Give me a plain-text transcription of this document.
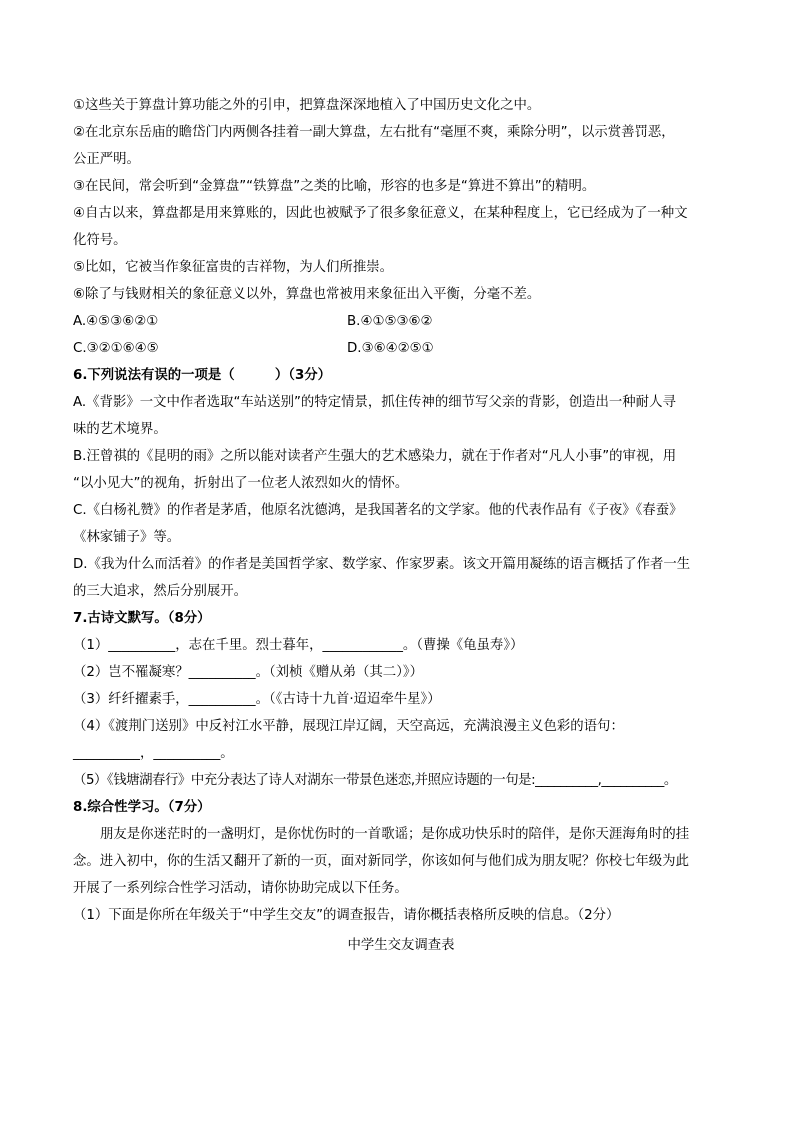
①这些关于算盘计算功能之外的引申，把算盘深深地植入了中国历史文化之中。
②在北京东岳庙的瞻岱门内两侧各挂着一副大算盘，左右批有“毫厘不爽，乘除分明”，以示赏善罚恶，
公正严明。
③在民间，常会听到“金算盘”“铁算盘”之类的比喻，形容的也多是“算进不算出”的精明。
④自古以来，算盘都是用来算账的，因此也被赋予了很多象征意义，在某种程度上，它已经成为了一种文
化符号。
⑤比如，它被当作象征富贵的吉祥物，为人们所推崇。
⑥除了与钱财相关的象征意义以外，算盘也常被用来象征出入平衡，分毫不差。
A.④⑤③⑥②①	B.④①⑤③⑥②
C.③②①⑥④⑤	D.③⑥④②⑤①
6.下列说法有误的一项是（　　　）（3分）
A.《背影》一文中作者选取“车站送别”的特定情景，抓住传神的细节写父亲的背影，创造出一种耐人寻
味的艺术境界。
B.汪曾祺的《昆明的雨》之所以能对读者产生强大的艺术感染力，就在于作者对“凡人小事”的审视，用
“以小见大”的视角，折射出了一位老人浓烈如火的情怀。
C.《白杨礼赞》的作者是茅盾，他原名沈德鸿，是我国著名的文学家。他的代表作品有《子夜》《春蚕》
《林家铺子》等。
D.《我为什么而活着》的作者是美国哲学家、数学家、作家罗素。该文开篇用凝练的语言概括了作者一生
的三大追求，然后分别展开。
7.古诗文默写。（8分）
（1）__________，志在千里。烈士暮年，____________。（曹操《龟虽寿》）
（2）岂不罹凝寒？__________。（刘桢《赠从弟（其二）》）
（3）纤纤擢素手，__________。（《古诗十九首·迢迢牵牛星》）
（4）《渡荆门送别》中反衬江水平静，展现江岸辽阔，天空高远，充满浪漫主义色彩的语句：
__________，__________。
（5）《钱塘湖春行》中充分表达了诗人对湖东一带景色迷恋,并照应诗题的一句是:__________,__________。
8.综合性学习。（7分）
朋友是你迷茫时的一盏明灯，是你忧伤时的一首歌谣；是你成功快乐时的陪伴，是你天涯海角时的挂
念。进入初中，你的生活又翻开了新的一页，面对新同学，你该如何与他们成为朋友呢？你校七年级为此
开展了一系列综合性学习活动，请你协助完成以下任务。
（1）下面是你所在年级关于“中学生交友”的调查报告，请你概括表格所反映的信息。（2分）
中学生交友调查表
